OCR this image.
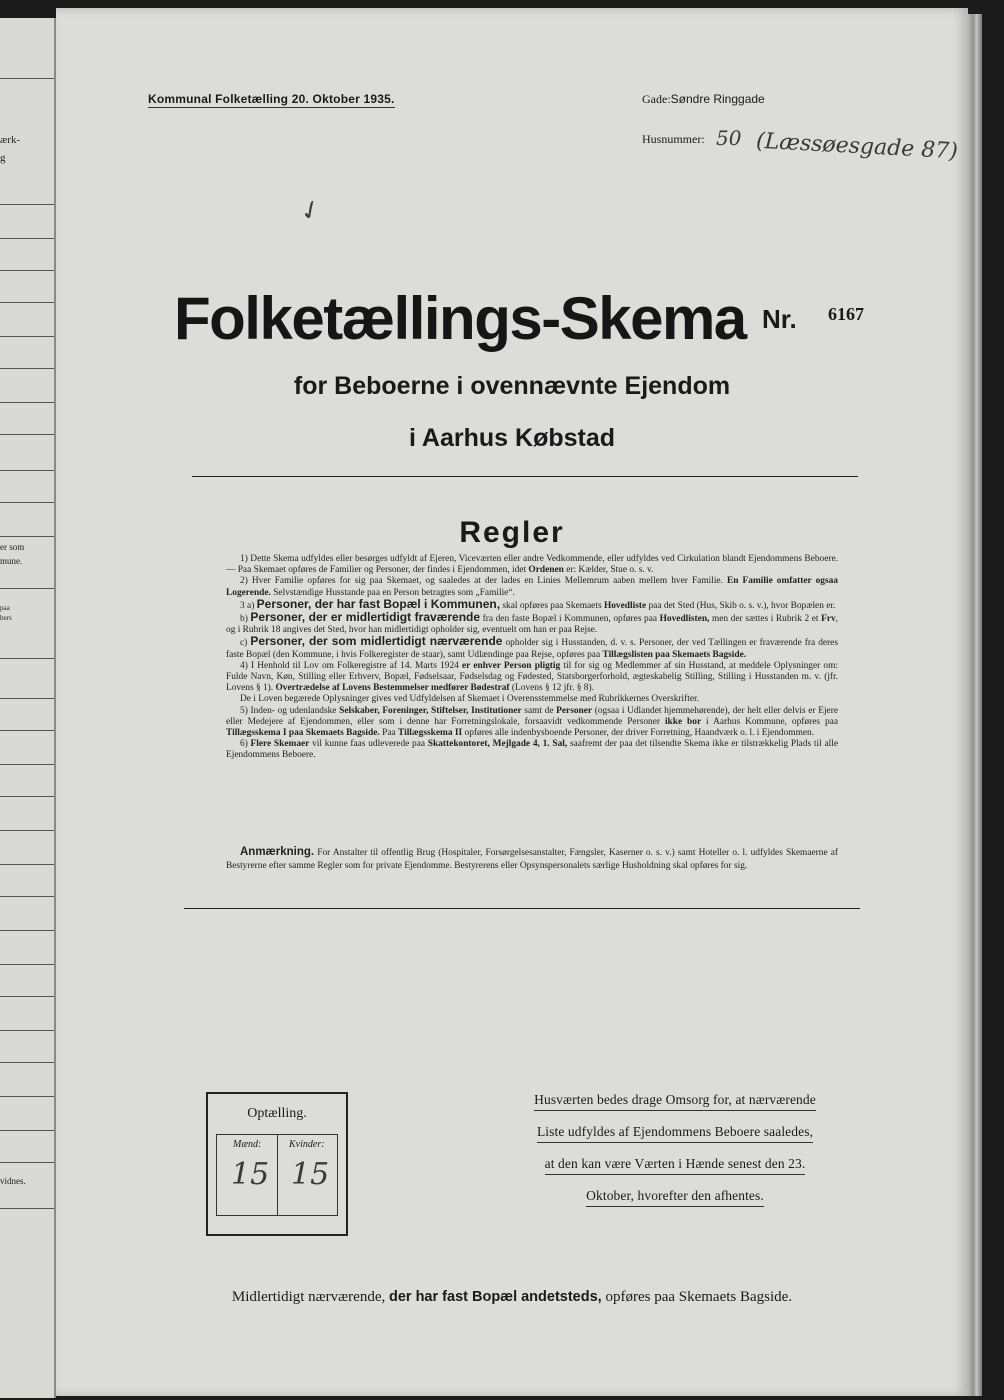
ærk-
g
er som
mune.
paa
bers
vidnes.
Kommunal Folketælling 20. Oktober 1935.	Gade:Søndre Ringgade
Husnummer: 50 (Læssøesgade 87)
✓
Folketællings-Skema Nr. 6167
for Beboerne i ovennævnte Ejendom
i Aarhus Købstad
Regler

1) Dette Skema udfyldes eller besørges udfyldt af Ejeren, Viceværten eller andre Vedkommende, eller udfyldes ved Cirkulation blandt Ejendommens Beboere. — Paa Skemaet opføres de Familier og Personer, der findes i Ejendommen, idet Ordenen er: Kælder, Stue o. s. v.

2) Hver Familie opføres for sig paa Skemaet, og saaledes at der lades en Linies Mellemrum aaben mellem hver Familie. En Familie omfatter ogsaa Logerende. Selvstændige Husstande paa en Person betragtes som „Familie“.

3 a) Personer, der har fast Bopæl i Kommunen, skal opføres paa Skemaets Hovedliste paa det Sted (Hus, Skib o. s. v.), hvor Bopælen er.

b) Personer, der er midlertidigt fraværende fra den faste Bopæl i Kommunen, opføres paa Hovedlisten, men der sættes i Rubrik 2 et Frv, og i Rubrik 18 angives det Sted, hvor han midlertidigt opholder sig, eventuelt om han er paa Rejse.

c) Personer, der som midlertidigt nærværende opholder sig i Husstanden, d. v. s. Personer, der ved Tællingen er fraværende fra deres faste Bopæl (den Kommune, i hvis Folkeregister de staar), samt Udlændinge paa Rejse, opføres paa Tillægslisten paa Skemaets Bagside.

4) I Henhold til Lov om Folkeregistre af 14. Marts 1924 er enhver Person pligtig til for sig og Medlemmer af sin Husstand, at meddele Oplysninger om: Fulde Navn, Køn, Stilling eller Erhverv, Bopæl, Fødselsaar, Fødselsdag og Fødested, Statsborgerforhold, ægteskabelig Stilling, Stilling i Husstanden m. v. (jfr. Lovens § 1). Overtrædelse af Lovens Bestemmelser medfører Bødestraf (Lovens § 12 jfr. § 8).

De i Loven begærede Oplysninger gives ved Udfyldelsen af Skemaet i Overensstemmelse med Rubrikkernes Overskrifter.

5) Inden- og udenlandske Selskaber, Foreninger, Stiftelser, Institutioner samt de Personer (ogsaa i Udlandet hjemmehørende), der helt eller delvis er Ejere eller Medejere af Ejendommen, eller som i denne har Forretningslokale, forsaavidt vedkommende Personer ikke bor i Aarhus Kommune, opføres paa Tillægsskema I paa Skemaets Bagside. Paa Tillægsskema II opføres alle indenbysboende Personer, der driver Forretning, Haandværk o. l. i Ejendommen.

6) Flere Skemaer vil kunne faas udleverede paa Skattekontoret, Mejlgade 4, 1. Sal, saafremt der paa det tilsendte Skema ikke er tilstrækkelig Plads til alle Ejendommens Beboere.

Anmærkning. For Anstalter til offentlig Brug (Hospitaler, Forsørgelsesanstalter, Fængsler, Kaserner o. s. v.) samt Hoteller o. l. udfyldes Skemaerne af Bestyrerne efter samme Regler som for private Ejendomme. Bestyrerens eller Opsynspersonalets særlige Husholdning skal opføres for sig.
Optælling.
Mænd:	Kvinder:
15 15
Husværten bedes drage Omsorg for, at nærværende Liste udfyldes af Ejendommens Beboere saaledes, at den kan være Værten i Hænde senest den 23. Oktober, hvorefter den afhentes.
Midlertidigt nærværende, der har fast Bopæl andetsteds, opføres paa Skemaets Bagside.
